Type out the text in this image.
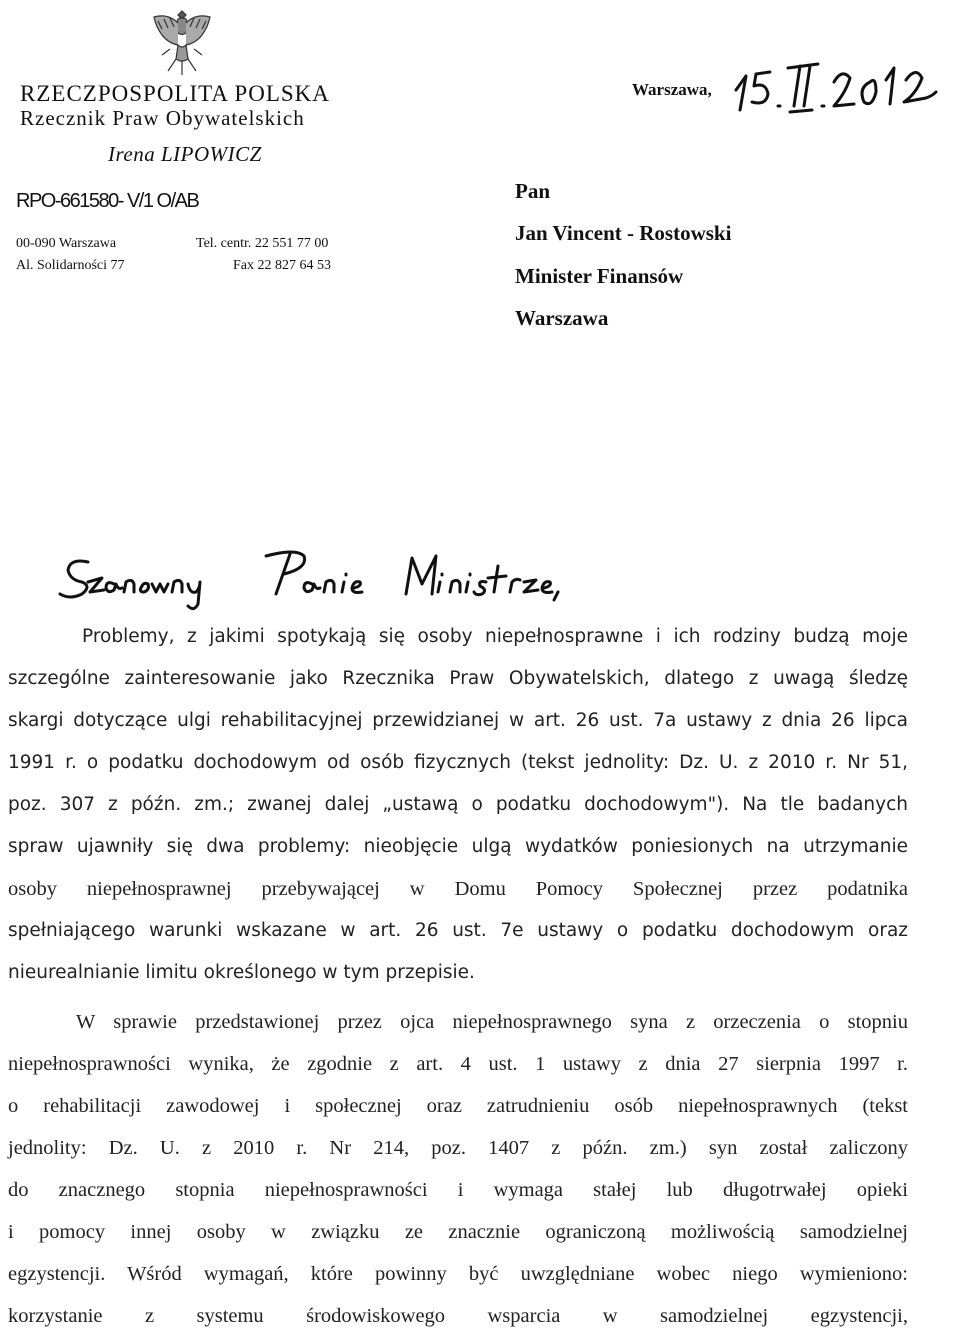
RZECZPOSPOLITA POLSKA
Rzecznik Praw Obywatelskich
Irena LIPOWICZ
RPO-661580- V/1 O/AB
00-090 Warszawa
Al. Solidarności 77
Tel. centr. 22 551 77 00
Fax 22 827 64 53
Warszawa,
Pan
Jan Vincent - Rostowski
Minister Finansów
Warszawa
Problemy, z jakimi spotykają się osoby niepełnosprawne i ich rodziny budzą moje
szczególne zainteresowanie jako Rzecznika Praw Obywatelskich, dlatego z uwagą śledzę
skargi dotyczące ulgi rehabilitacyjnej przewidzianej w art. 26 ust. 7a ustawy z dnia 26 lipca
1991 r. o podatku dochodowym od osób fizycznych (tekst jednolity: Dz. U. z 2010 r. Nr 51,
poz. 307 z późn. zm.; zwanej dalej „ustawą o podatku dochodowym"). Na tle badanych
spraw ujawniły się dwa problemy: nieobjęcie ulgą wydatków poniesionych na utrzymanie
osoby niepełnosprawnej przebywającej w Domu Pomocy Społecznej przez podatnika
spełniającego warunki wskazane w art. 26 ust. 7e ustawy o podatku dochodowym oraz
nieurealnianie limitu określonego w tym przepisie.
W sprawie przedstawionej przez ojca niepełnosprawnego syna z orzeczenia o stopniu
niepełnosprawności wynika, że zgodnie z art. 4 ust. 1 ustawy z dnia 27 sierpnia 1997 r.
o rehabilitacji zawodowej i społecznej oraz zatrudnieniu osób niepełnosprawnych (tekst
jednolity: Dz. U. z 2010 r. Nr 214, poz. 1407 z późn. zm.) syn został zaliczony
do znacznego stopnia niepełnosprawności i wymaga stałej lub długotrwałej opieki
i pomocy innej osoby w związku ze znacznie ograniczoną możliwością samodzielnej
egzystencji. Wśród wymagań, które powinny być uwzględniane wobec niego wymieniono:
korzystanie z systemu środowiskowego wsparcia w samodzielnej egzystencji,
